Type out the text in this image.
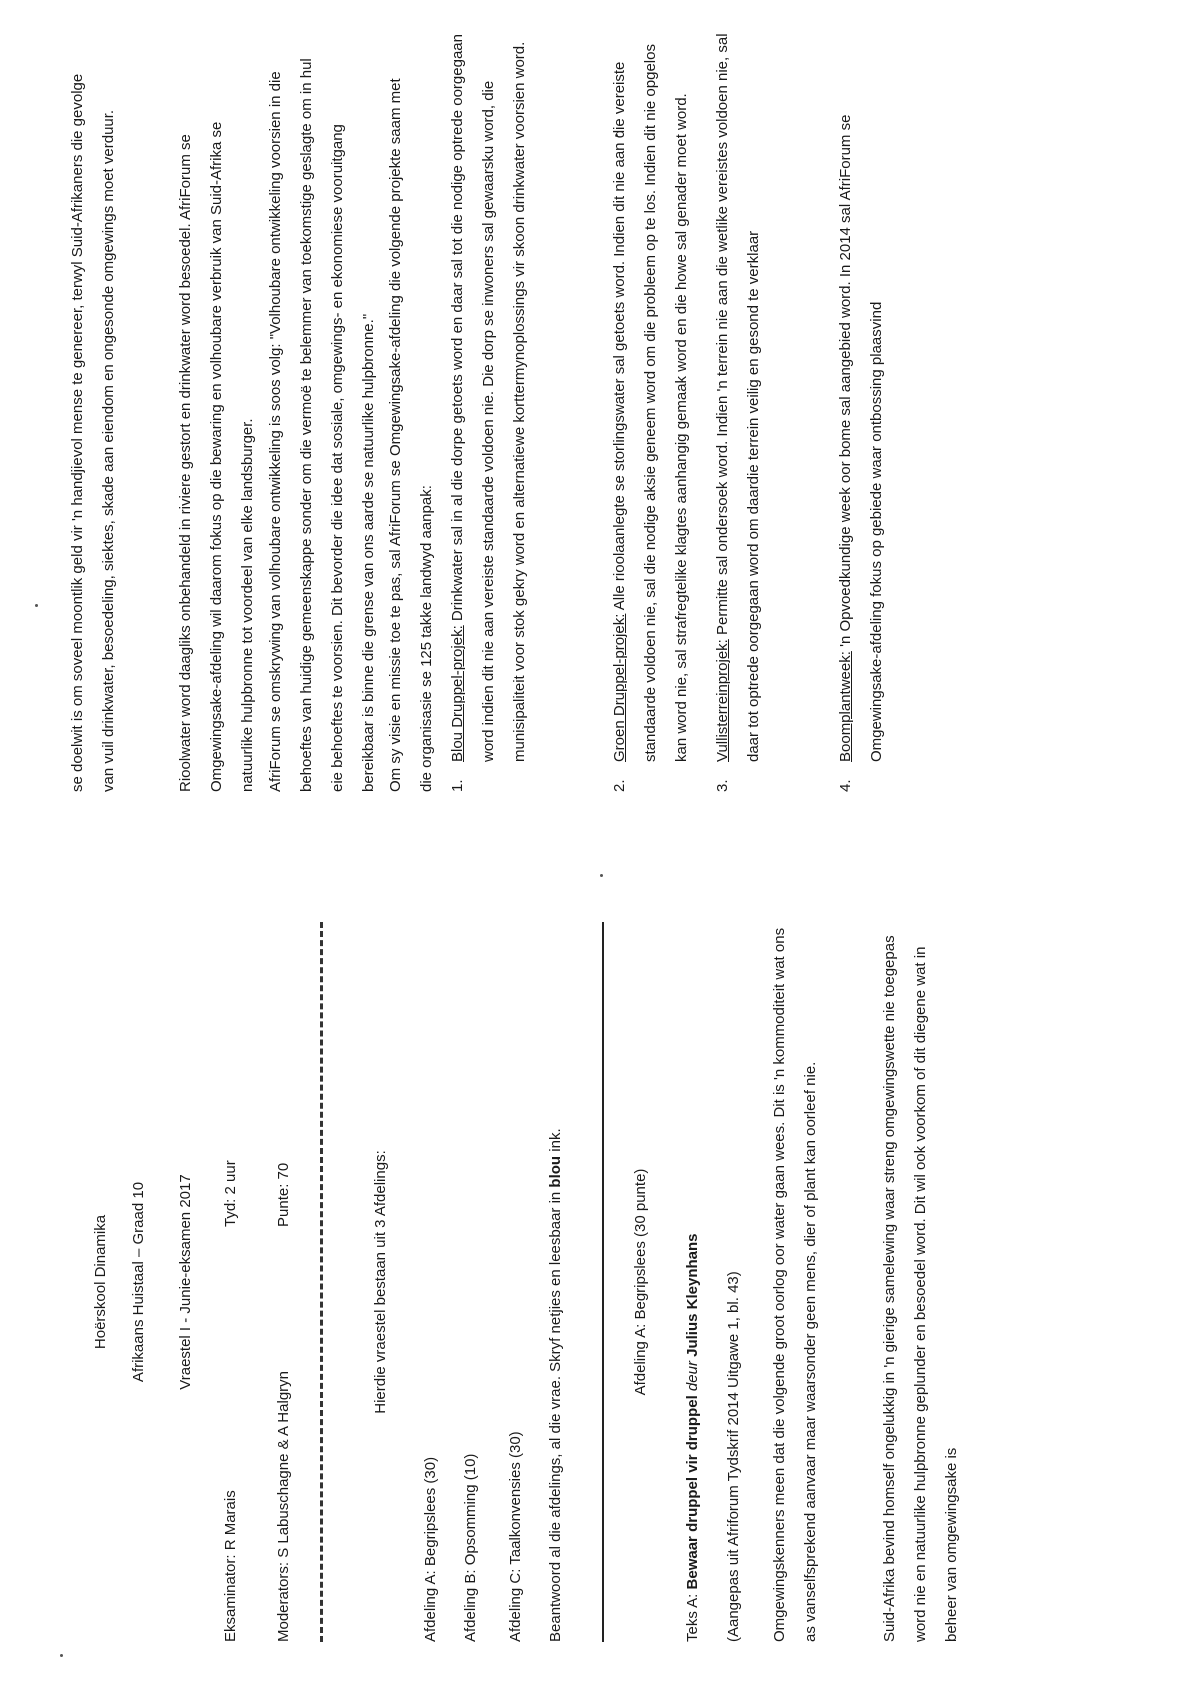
Hoërskool Dinamika Afrikaans Huistaal – Graad 10 Vraestel I - Junie-eksamen 2017

Eksaminator: R Marais

Tyd: 2 uur

Moderators: S Labuschagne & A Halgryn

Punte: 70	Hierdie vraestel bestaan uit 3 Afdelings:

Afdeling A: Begripslees (30) Afdeling B: Opsomming (10) Afdeling C: Taalkonvensies (30) Beantwoord al die afdelings, al die vrae. Skryf netjies en leesbaar in blou ink.

Afdeling A: Begripslees (30 punte)

Teks A: Bewaar druppel vir druppel deur Julius Kleynhans (Aangepas uit Afriforum Tydskrif 2014 Uitgawe 1, bl. 43)	Omgewingskenners meen dat die volgende groot oorlog oor water gaan wees. Dit is 'n kommoditeit wat ons as vanselfsprekend aanvaar maar waarsonder geen mens, dier of plant kan oorleef nie.	Suid-Afrika bevind homself ongelukkig in 'n gierige samelewing waar streng omgewingswette nie toegepas word nie en natuurlike hulpbronne geplunder en besoedel word. Dit wil ook voorkom of dit diegene wat in beheer van omgewingsake is

se doelwit is om soveel moontlik geld vir 'n handjievol mense te genereer, terwyl Suid-Afrikaners die gevolge van vuil drinkwater, besoedeling, siektes, skade aan eiendom en ongesonde omgewings moet verduur.	Rioolwater word daagliks onbehandeld in riviere gestort en drinkwater word besoedel. AfriForum se Omgewingsake-afdeling wil daarom fokus op die bewaring en volhoubare verbruik van Suid-Afrika se natuurlike hulpbronne tot voordeel van elke landsburger. AfriForum se omskrywing van volhoubare ontwikkeling is soos volg: "Volhoubare ontwikkeling voorsien in die behoeftes van huidige gemeenskappe sonder om die vermoë te belemmer van toekomstige geslagte om in hul eie behoeftes te voorsien. Dit bevorder die idee dat sosiale, omgewings- en ekonomiese vooruitgang bereikbaar is binne die grense van ons aarde se natuurlike hulpbronne." Om sy visie en missie toe te pas, sal AfriForum se Omgewingsake-afdeling die volgende projekte saam met die organisasie se 125 takke landwyd aanpak: 1.
Blou Druppel-projek: Drinkwater sal in al die dorpe getoets word en daar sal tot die nodige optrede oorgegaan word indien dit nie aan vereiste standaarde voldoen nie. Die dorp se inwoners sal gewaarsku word, die munisipaliteit voor stok gekry word en alternatiewe korttermynoplossings vir skoon drinkwater voorsien word.
2.
Groen Druppel-projek: Alle rioolaanlegte se storlingswater sal getoets word. Indien dit nie aan die vereiste standaarde voldoen nie, sal die nodige aksie geneem word om die probleem op te los. Indien dit nie opgelos kan word nie, sal strafregtelike klagtes aanhangig gemaak word en die howe sal genader moet word.
3.
Vullisterreinprojek: Permitte sal ondersoek word. Indien 'n terrein nie aan die wetlike vereistes voldoen nie, sal daar tot optrede oorgegaan word om daardie terrein veilig en gesond te verklaar
4.
Boomplantweek: 'n Opvoedkundige week oor bome sal aangebied word. In 2014 sal AfriForum se Omgewingsake-afdeling fokus op gebiede waar ontbossing plaasvind
